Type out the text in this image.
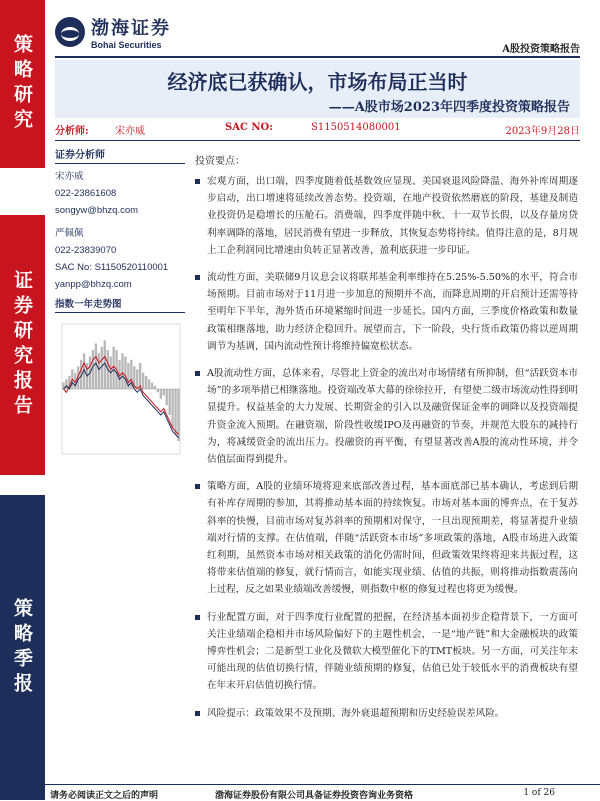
策略研究
证券研究报告
策略季报
渤海证券
Bohai Securities	A股投资策略报告
经济底已获确认，市场布局正当时
——A股市场2023年四季度投资策略报告
分析师:	宋亦威	SAC NO:	S1150514080001	2023年9月28日
证券分析师
宋亦威
022-23861608
songyw@bhzq.com
严佩佩
022-23839070
SAC No: S1150520110001
yanpp@bhzq.com
指数一年走势图
投资要点：
宏观方面，出口端，四季度随着低基数效应显现、美国衰退风险降温、海外补库周期逐步启动，出口增速将延续改善态势。投资端，在地产投资依然磨底的阶段，基建及制造业投资仍是稳增长的压舱石。消费端，四季度伴随中秋、十一双节长假，以及存量房贷利率调降的落地，居民消费有望进一步释放，其恢复态势将持续。值得注意的是，8月规上工企利润同比增速由负转正显著改善，盈利底获进一步印证。
流动性方面，美联储9月议息会议将联邦基金利率维持在5.25%-5.50%的水平，符合市场预期。目前市场对于11月进一步加息的预期并不高，而降息周期的开启预计还需等待至明年下半年，海外货币环境紧缩时间进一步延长。国内方面，三季度价格政策和数量政策相继落地，助力经济企稳回升。展望而言，下一阶段，央行货币政策仍将以逆周期调节为基调，国内流动性预计将维持偏宽松状态。
A股流动性方面，总体来看，尽管北上资金的流出对市场情绪有所抑制，但“活跃资本市场”的多项举措已相继落地。投资端改革大幕的徐徐拉开，有望使二级市场流动性得到明显提升。权益基金的大力发展、长期资金的引入以及融资保证金率的调降以及投资端提升资金流入预期。在融资端，阶段性收缓IPO及再融资的节奏，并规范大股东的减持行为，将减缓资金的流出压力。投融资的再平衡，有望显著改善A股的流动性环境，并令估值层面得到提升。
策略方面，A股的业绩环境将迎来底部改善过程，基本面底部已基本确认，考虑到后期有补库存周期的参加，其将推动基本面的持续恢复。市场对基本面的博弈点，在于复苏斜率的快慢，目前市场对复苏斜率的预期相对保守，一旦出现预期差，将显著提升业绩端对行情的支撑。在估值端，伴随“活跃资本市场”多项政策的落地，A股市场进入政策红利期，虽然资本市场对相关政策的消化仍需时间，但政策效果终将迎来共振过程，这将带来估值端的修复，就行情而言，如能实现业绩、估值的共振，则将推动指数震荡向上过程，反之如果业绩端改善缓慢，则指数中枢的修复过程也将更为缓慢。
行业配置方面，对于四季度行业配置的把握，在经济基本面初步企稳背景下，一方面可关注业绩端企稳相并市场风险偏好下的主题性机会，一是“地产链”和大金融板块的政策博弈性机会；二是新型工业化及微软大模型催化下的TMT板块。另一方面，可关注年末可能出现的估值切换行情，伴随业绩预期的修复，估值已处于较低水平的消费板块有望在年末开启估值切换行情。
风险提示：政策效果不及预期、海外衰退超预期和历史经验误差风险。
请务必阅读正文之后的声明	渤海证券股份有限公司具备证券投资咨询业务资格	1 of 26
